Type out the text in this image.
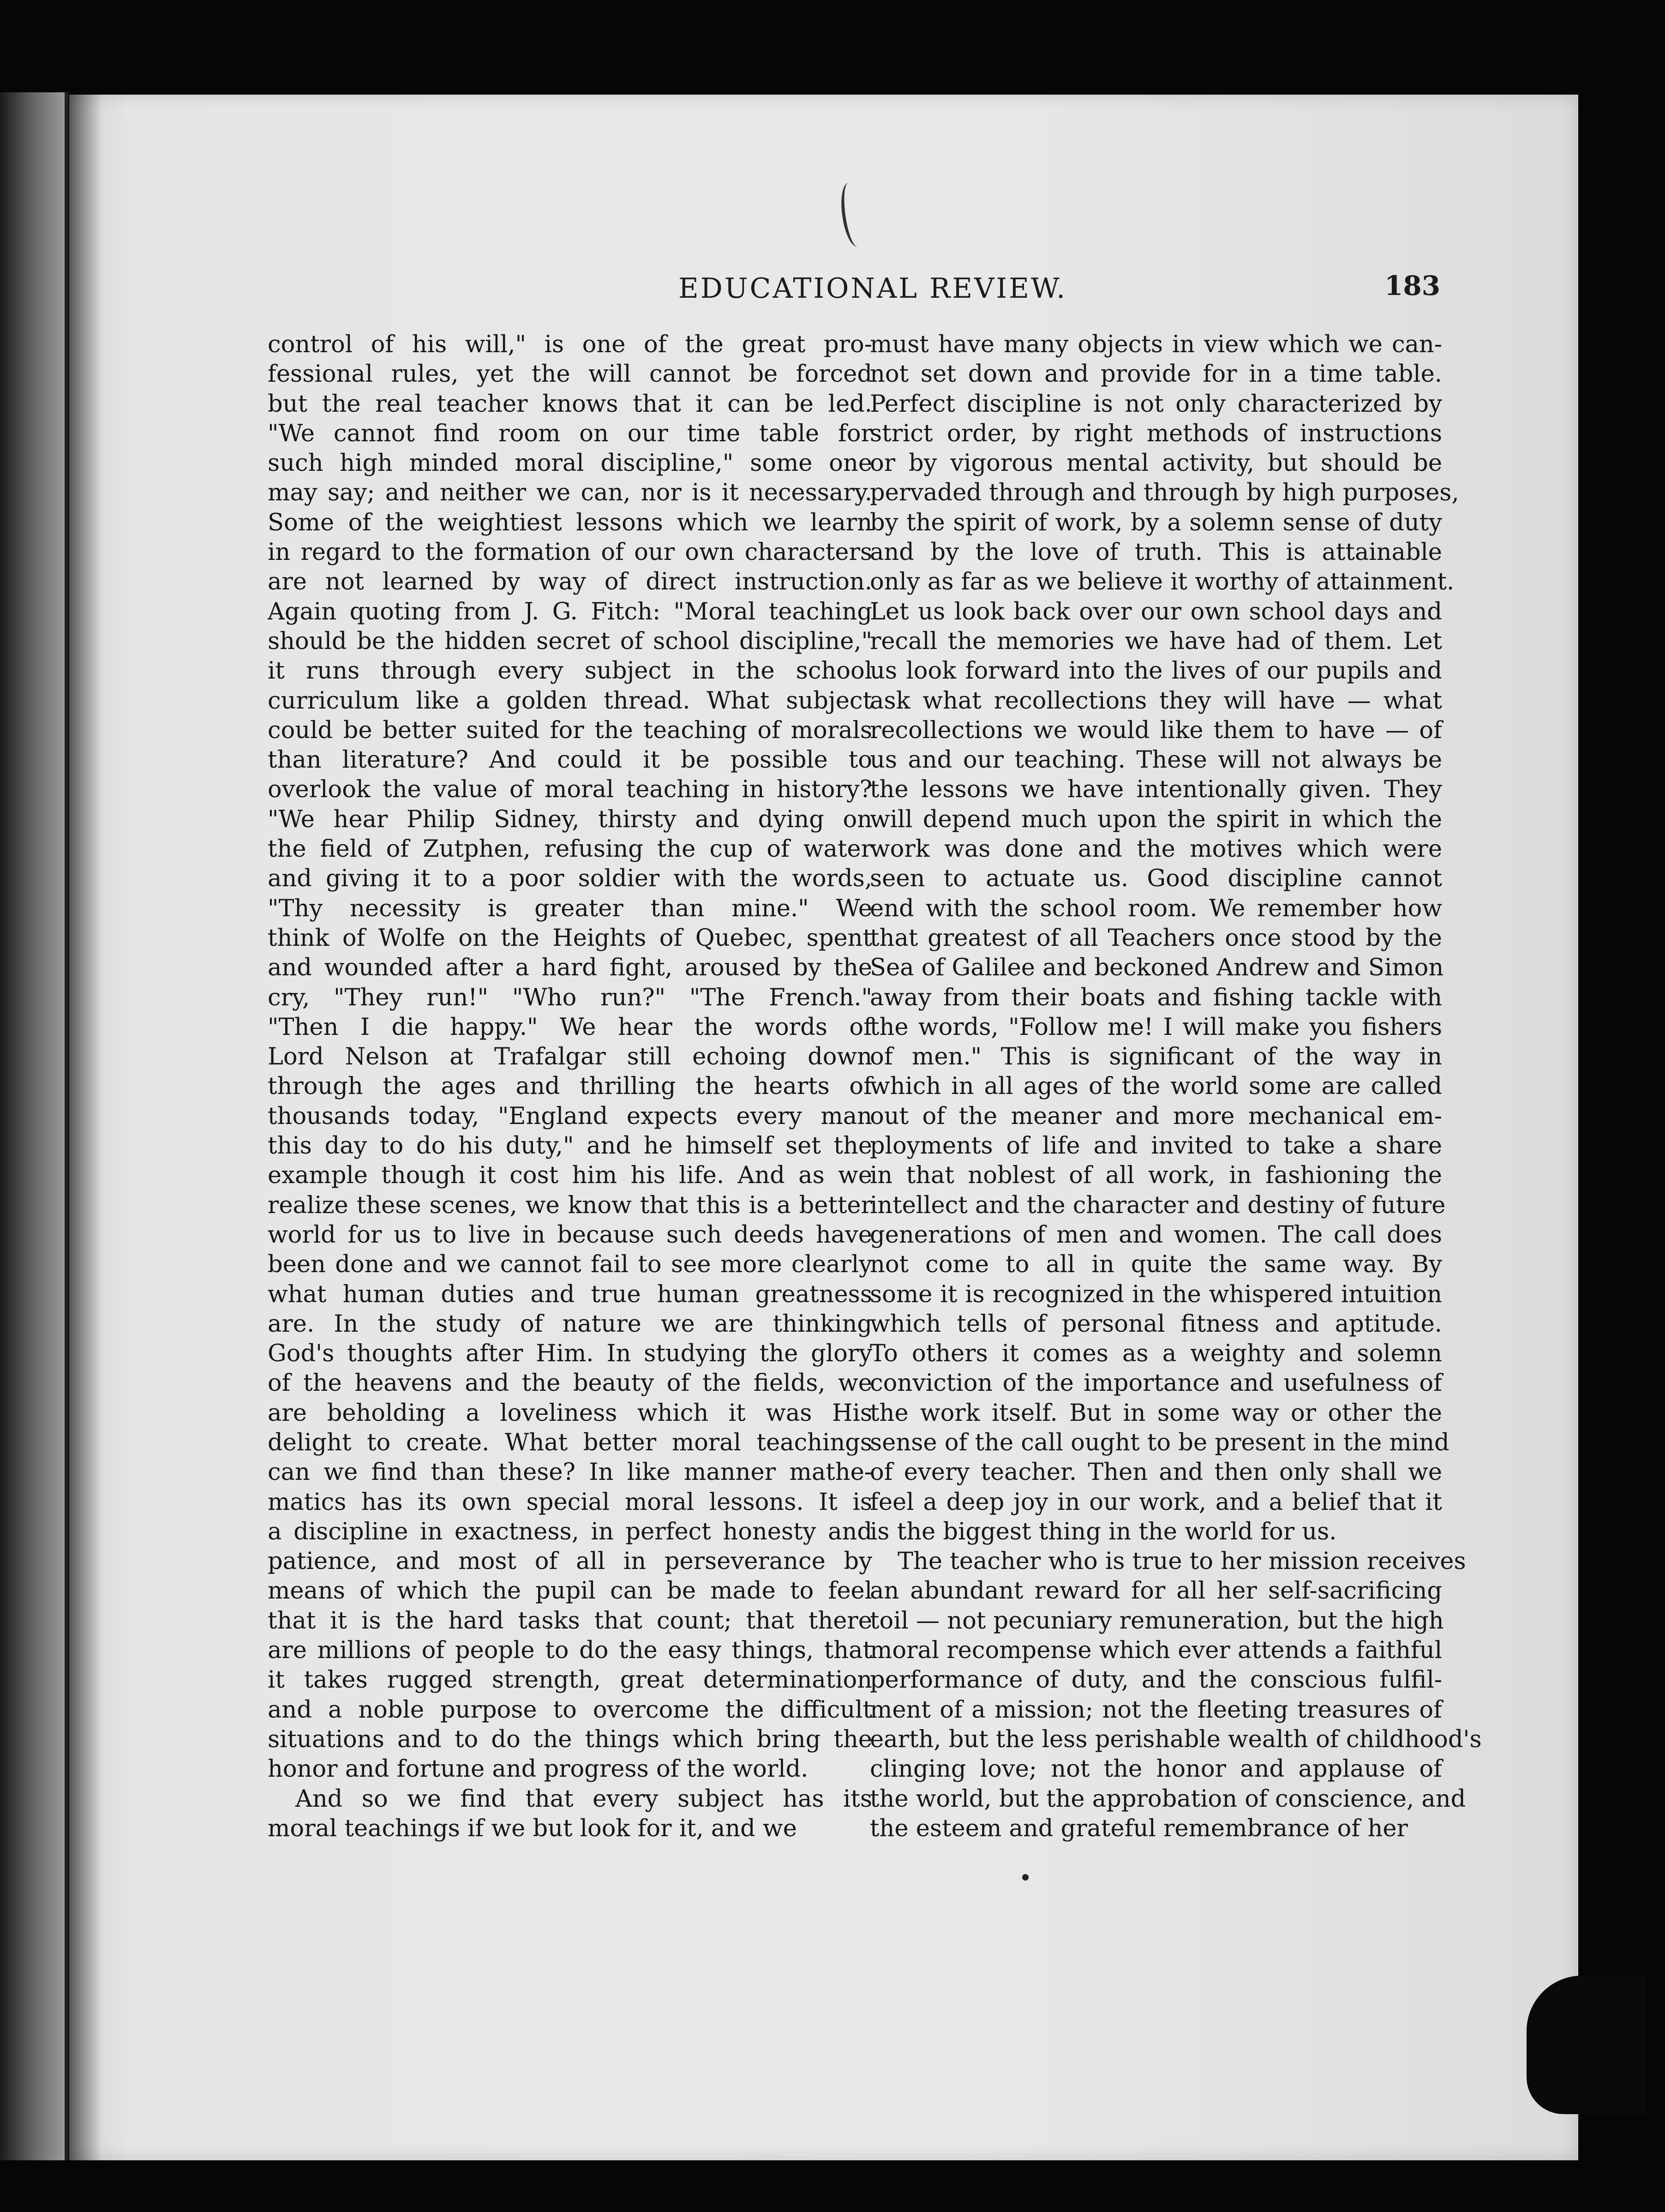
EDUCATIONAL REVIEW.	183
control of his will," is one of the great pro-
fessional rules, yet the will cannot be forced
but the real teacher knows that it can be led.
"We cannot find room on our time table for
such high minded moral discipline," some one
may say; and neither we can, nor is it necessary.
Some of the weightiest lessons which we learn
in regard to the formation of our own characters
are not learned by way of direct instruction.
Again quoting from J. G. Fitch: "Moral teaching
should be the hidden secret of school discipline,"
it runs through every subject in the school
curriculum like a golden thread. What subject
could be better suited for the teaching of morals
than literature? And could it be possible to
overlook the value of moral teaching in history?
"We hear Philip Sidney, thirsty and dying on
the field of Zutphen, refusing the cup of water
and giving it to a poor soldier with the words,
"Thy necessity is greater than mine." We
think of Wolfe on the Heights of Quebec, spent
and wounded after a hard fight, aroused by the
cry, "They run!" "Who run?" "The French."
"Then I die happy." We hear the words of
Lord Nelson at Trafalgar still echoing down
through the ages and thrilling the hearts of
thousands today, "England expects every man
this day to do his duty," and he himself set the
example though it cost him his life. And as we
realize these scenes, we know that this is a better
world for us to live in because such deeds have
been done and we cannot fail to see more clearly
what human duties and true human greatness
are. In the study of nature we are thinking
God's thoughts after Him. In studying the glory
of the heavens and the beauty of the fields, we
are beholding a loveliness which it was His
delight to create. What better moral teachings
can we find than these? In like manner mathe-
matics has its own special moral lessons. It is
a discipline in exactness, in perfect honesty and
patience, and most of all in perseverance by
means of which the pupil can be made to feel
that it is the hard tasks that count; that there
are millions of people to do the easy things, that
it takes rugged strength, great determination
and a noble purpose to overcome the difficult
situations and to do the things which bring the
honor and fortune and progress of the world.
And so we find that every subject has its
moral teachings if we but look for it, and we
must have many objects in view which we can-
not set down and provide for in a time table.
Perfect discipline is not only characterized by
strict order, by right methods of instructions
or by vigorous mental activity, but should be
pervaded through and through by high purposes,
by the spirit of work, by a solemn sense of duty
and by the love of truth. This is attainable
only as far as we believe it worthy of attainment.
Let us look back over our own school days and
recall the memories we have had of them. Let
us look forward into the lives of our pupils and
ask what recollections they will have — what
recollections we would like them to have — of
us and our teaching. These will not always be
the lessons we have intentionally given. They
will depend much upon the spirit in which the
work was done and the motives which were
seen to actuate us. Good discipline cannot
end with the school room. We remember how
that greatest of all Teachers once stood by the
Sea of Galilee and beckoned Andrew and Simon
away from their boats and fishing tackle with
the words, "Follow me! I will make you fishers
of men." This is significant of the way in
which in all ages of the world some are called
out of the meaner and more mechanical em-
ployments of life and invited to take a share
in that noblest of all work, in fashioning the
intellect and the character and destiny of future
generations of men and women. The call does
not come to all in quite the same way. By
some it is recognized in the whispered intuition
which tells of personal fitness and aptitude.
To others it comes as a weighty and solemn
conviction of the importance and usefulness of
the work itself. But in some way or other the
sense of the call ought to be present in the mind
of every teacher. Then and then only shall we
feel a deep joy in our work, and a belief that it
is the biggest thing in the world for us.
The teacher who is true to her mission receives
an abundant reward for all her self-sacrificing
toil — not pecuniary remuneration, but the high
moral recompense which ever attends a faithful
performance of duty, and the conscious fulfil-
ment of a mission; not the fleeting treasures of
earth, but the less perishable wealth of childhood's
clinging love; not the honor and applause of
the world, but the approbation of conscience, and
the esteem and grateful remembrance of her
